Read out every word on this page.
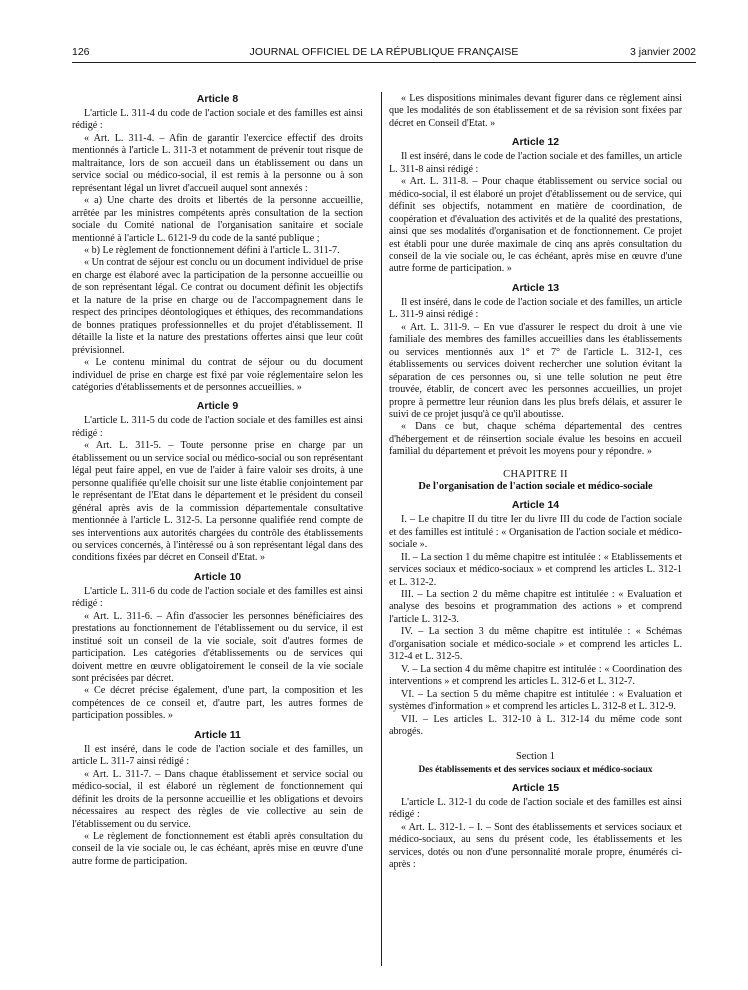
126	JOURNAL OFFICIEL DE LA RÉPUBLIQUE FRANÇAISE	3 janvier 2002
Article 8

L'article L. 311-4 du code de l'action sociale et des familles est ainsi rédigé :

« Art. L. 311-4. – Afin de garantir l'exercice effectif des droits mentionnés à l'article L. 311-3 et notamment de prévenir tout risque de maltraitance, lors de son accueil dans un établissement ou dans un service social ou médico-social, il est remis à la personne ou à son représentant légal un livret d'accueil auquel sont annexés :

« a) Une charte des droits et libertés de la personne accueillie, arrêtée par les ministres compétents après consultation de la section sociale du Comité national de l'organisation sanitaire et sociale mentionné à l'article L. 6121-9 du code de la santé publique ;

« b) Le règlement de fonctionnement défini à l'article L. 311-7.

« Un contrat de séjour est conclu ou un document individuel de prise en charge est élaboré avec la participation de la personne accueillie ou de son représentant légal. Ce contrat ou document définit les objectifs et la nature de la prise en charge ou de l'accompagnement dans le respect des principes déontologiques et éthiques, des recommandations de bonnes pratiques professionnelles et du projet d'établissement. Il détaille la liste et la nature des prestations offertes ainsi que leur coût prévisionnel.

« Le contenu minimal du contrat de séjour ou du document individuel de prise en charge est fixé par voie réglementaire selon les catégories d'établissements et de personnes accueillies. »

Article 9

L'article L. 311-5 du code de l'action sociale et des familles est ainsi rédigé :

« Art. L. 311-5. – Toute personne prise en charge par un établissement ou un service social ou médico-social ou son représentant légal peut faire appel, en vue de l'aider à faire valoir ses droits, à une personne qualifiée qu'elle choisit sur une liste établie conjointement par le représentant de l'Etat dans le département et le président du conseil général après avis de la commission départementale consultative mentionnée à l'article L. 312-5. La personne qualifiée rend compte de ses interventions aux autorités chargées du contrôle des établissements ou services concernés, à l'intéressé ou à son représentant légal dans des conditions fixées par décret en Conseil d'Etat. »

Article 10

L'article L. 311-6 du code de l'action sociale et des familles est ainsi rédigé :

« Art. L. 311-6. – Afin d'associer les personnes bénéficiaires des prestations au fonctionnement de l'établissement ou du service, il est institué soit un conseil de la vie sociale, soit d'autres formes de participation. Les catégories d'établissements ou de services qui doivent mettre en œuvre obligatoirement le conseil de la vie sociale sont précisées par décret.

« Ce décret précise également, d'une part, la composition et les compétences de ce conseil et, d'autre part, les autres formes de participation possibles. »

Article 11

Il est inséré, dans le code de l'action sociale et des familles, un article L. 311-7 ainsi rédigé :

« Art. L. 311-7. – Dans chaque établissement et service social ou médico-social, il est élaboré un règlement de fonctionnement qui définit les droits de la personne accueillie et les obligations et devoirs nécessaires au respect des règles de vie collective au sein de l'établissement ou du service.

« Le règlement de fonctionnement est établi après consultation du conseil de la vie sociale ou, le cas échéant, après mise en œuvre d'une autre forme de participation.

« Les dispositions minimales devant figurer dans ce règlement ainsi que les modalités de son établissement et de sa révision sont fixées par décret en Conseil d'Etat. »

Article 12

Il est inséré, dans le code de l'action sociale et des familles, un article L. 311-8 ainsi rédigé :

« Art. L. 311-8. – Pour chaque établissement ou service social ou médico-social, il est élaboré un projet d'établissement ou de service, qui définit ses objectifs, notamment en matière de coordination, de coopération et d'évaluation des activités et de la qualité des prestations, ainsi que ses modalités d'organisation et de fonctionnement. Ce projet est établi pour une durée maximale de cinq ans après consultation du conseil de la vie sociale ou, le cas échéant, après mise en œuvre d'une autre forme de participation. »

Article 13

Il est inséré, dans le code de l'action sociale et des familles, un article L. 311-9 ainsi rédigé :

« Art. L. 311-9. – En vue d'assurer le respect du droit à une vie familiale des membres des familles accueillies dans les établissements ou services mentionnés aux 1° et 7° de l'article L. 312-1, ces établissements ou services doivent rechercher une solution évitant la séparation de ces personnes ou, si une telle solution ne peut être trouvée, établir, de concert avec les personnes accueillies, un projet propre à permettre leur réunion dans les plus brefs délais, et assurer le suivi de ce projet jusqu'à ce qu'il aboutisse.

« Dans ce but, chaque schéma départemental des centres d'hébergement et de réinsertion sociale évalue les besoins en accueil familial du département et prévoit les moyens pour y répondre. »

CHAPITRE II
De l'organisation de l'action sociale et médico-sociale
Article 14

I. – Le chapitre II du titre Ier du livre III du code de l'action sociale et des familles est intitulé : « Organisation de l'action sociale et médico-sociale ».

II. – La section 1 du même chapitre est intitulée : « Etablissements et services sociaux et médico-sociaux » et comprend les articles L. 312-1 et L. 312-2.

III. – La section 2 du même chapitre est intitulée : « Evaluation et analyse des besoins et programmation des actions » et comprend l'article L. 312-3.

IV. – La section 3 du même chapitre est intitulée : « Schémas d'organisation sociale et médico-sociale » et comprend les articles L. 312-4 et L. 312-5.

V. – La section 4 du même chapitre est intitulée : « Coordination des interventions » et comprend les articles L. 312-6 et L. 312-7.

VI. – La section 5 du même chapitre est intitulée : « Evaluation et systèmes d'information » et comprend les articles L. 312-8 et L. 312-9.

VII. – Les articles L. 312-10 à L. 312-14 du même code sont abrogés.

Section 1
Des établissements et des services sociaux et médico-sociaux
Article 15

L'article L. 312-1 du code de l'action sociale et des familles est ainsi rédigé :

« Art. L. 312-1. – I. – Sont des établissements et services sociaux et médico-sociaux, au sens du présent code, les établissements et les services, dotés ou non d'une personnalité morale propre, énumérés ci-après :
